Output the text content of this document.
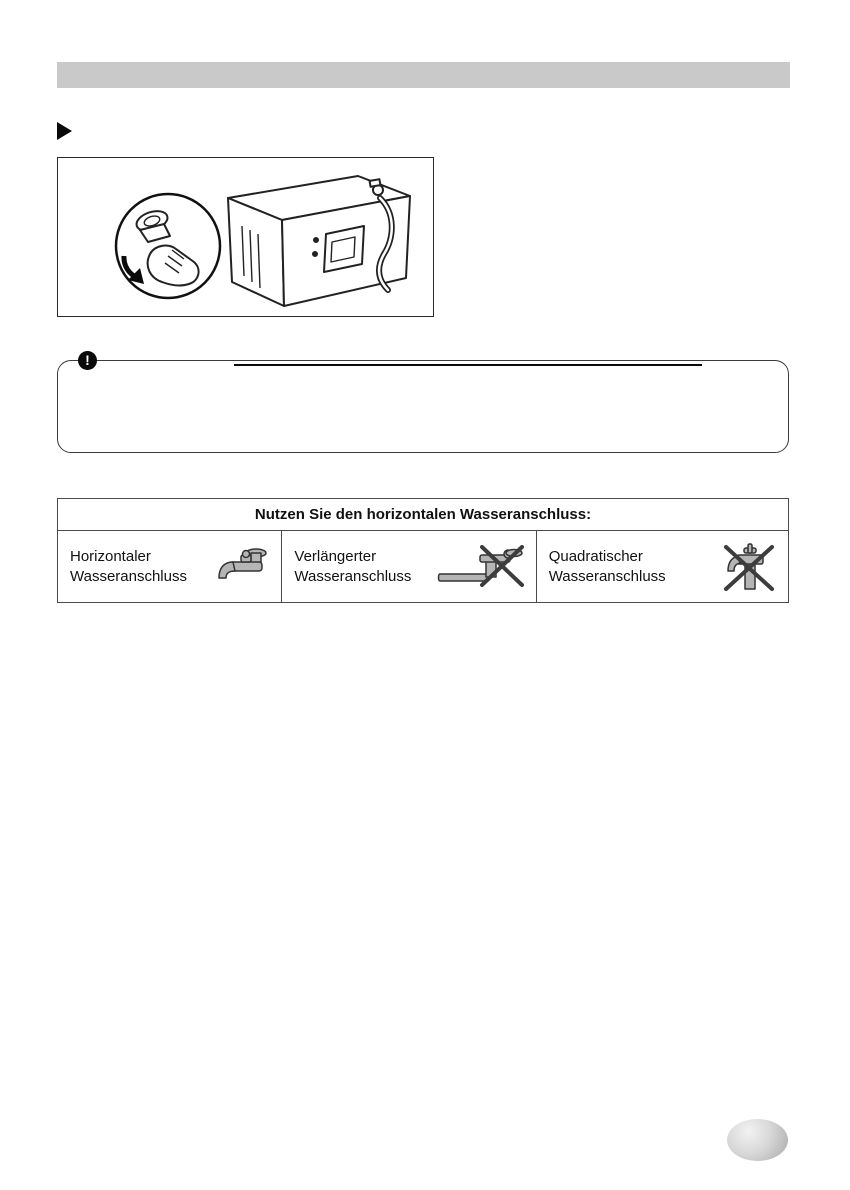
!
Nutzen Sie den horizontalen Wasseranschluss:
Horizontaler
Wasseranschluss
Verlängerter
Wasseranschluss
Quadratischer
Wasseranschluss
